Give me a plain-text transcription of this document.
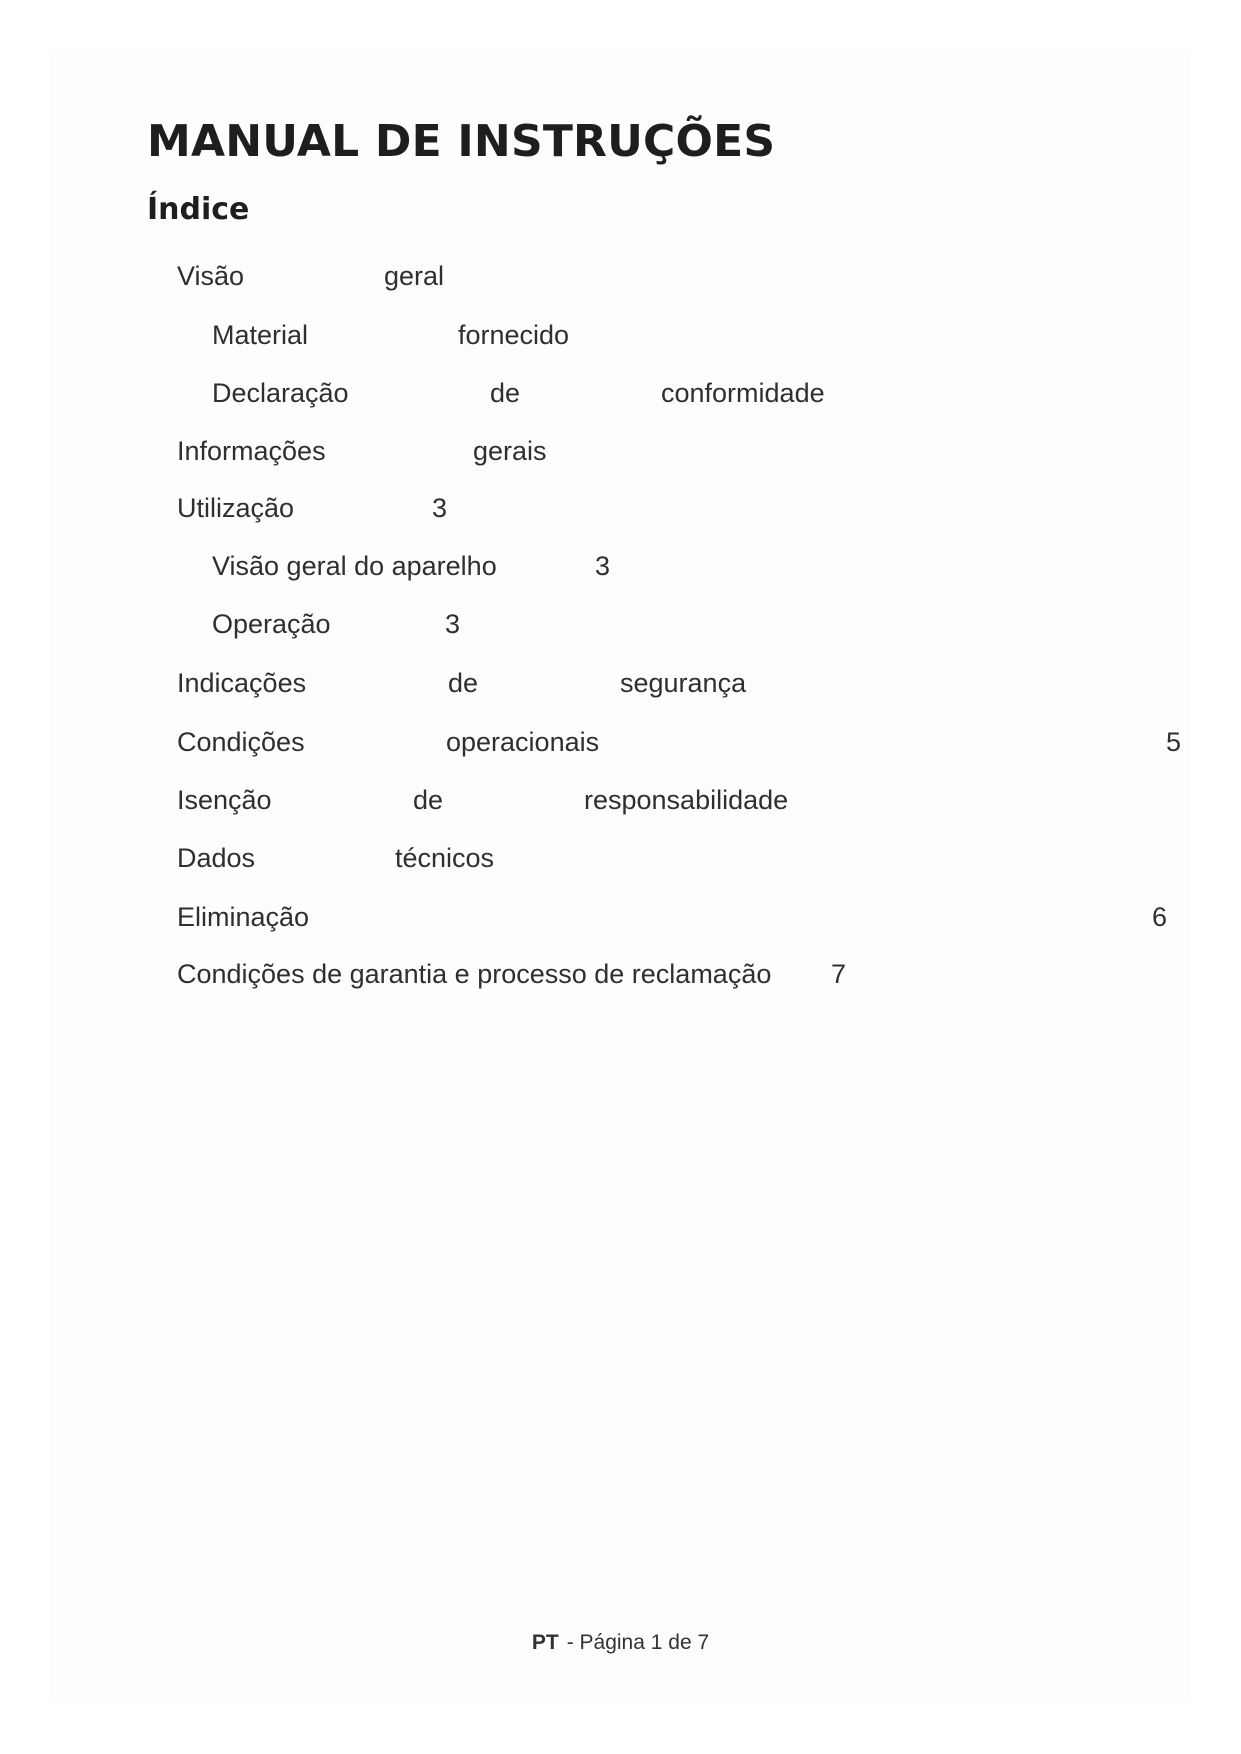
MANUAL DE INSTRUÇÕES
Índice
Visão	geral
Material	fornecido
Declaração	de	conformidade
Informações	gerais
Utilização	3
Visão geral do aparelho	3
Operação	3
Indicações	de	segurança
Condições	operacionais	5
Isenção	de	responsabilidade
Dados	técnicos
Eliminação	6
Condições de garantia e processo de reclamação 7
PT - Página 1 de 7
